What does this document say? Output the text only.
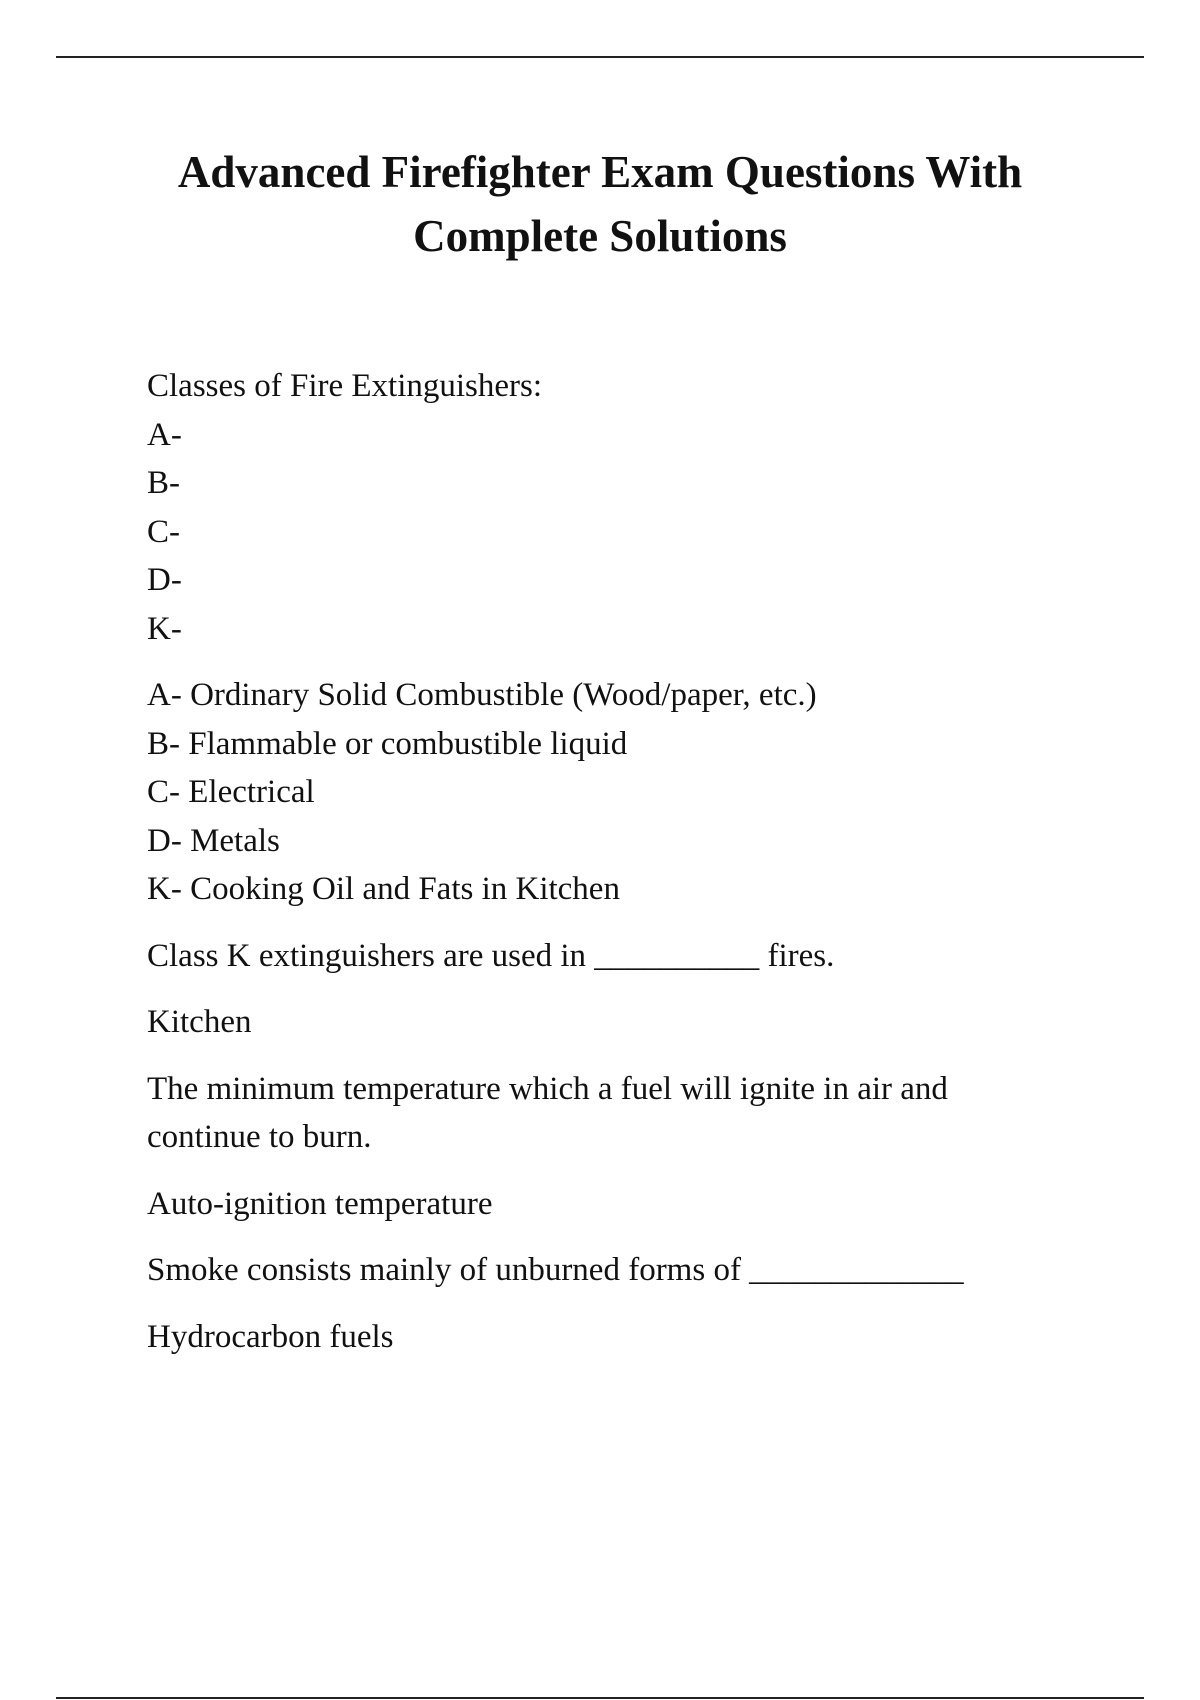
Advanced Firefighter Exam Questions With
Complete Solutions
Classes of Fire Extinguishers:
A-
B-
C-
D-
K-
A- Ordinary Solid Combustible (Wood/paper, etc.)
B- Flammable or combustible liquid
C- Electrical
D- Metals
K- Cooking Oil and Fats in Kitchen
Class K extinguishers are used in __________ fires.
Kitchen
The minimum temperature which a fuel will ignite in air and
continue to burn.
Auto-ignition temperature
Smoke consists mainly of unburned forms of _____________
Hydrocarbon fuels
